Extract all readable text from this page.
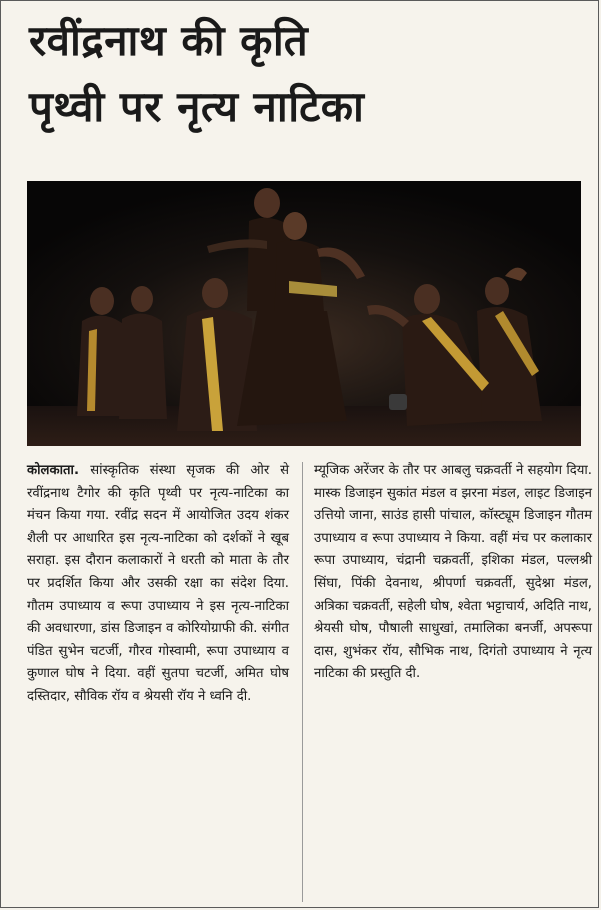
रवींद्रनाथ की कृति
पृथ्वी पर नृत्य नाटिका
कोलकाता. सांस्कृतिक संस्था सृजक की ओर से रवींद्रनाथ टैगोर की कृति पृथ्वी पर नृत्य-नाटिका का मंचन किया गया. रवींद्र सदन में आयोजित उदय शंकर शैली पर आधारित इस नृत्य-नाटिका को दर्शकों ने खूब सराहा. इस दौरान कलाकारों ने धरती को माता के तौर पर प्रदर्शित किया और उसकी रक्षा का संदेश दिया. गौतम उपाध्याय व रूपा उपाध्याय ने इस नृत्य-नाटिका की अवधारणा, डांस डिजाइन व कोरियोग्राफी की. संगीत पंडित सुभेन चटर्जी, गौरव गोस्वामी, रूपा उपाध्याय व कुणाल घोष ने दिया. वहीं सुतपा चटर्जी, अमित घोष दस्तिदार, सौविक रॉय व श्रेयसी रॉय ने ध्वनि दी.
म्यूजिक अरेंजर के तौर पर आबलु चक्रवर्ती ने सहयोग दिया. मास्क डिजाइन सुकांत मंडल व झरना मंडल, लाइट डिजाइन उत्तियो जाना, साउंड हासी पांचाल, कॉस्ट्यूम डिजाइन गौतम उपाध्याय व रूपा उपाध्याय ने किया. वहीं मंच पर कलाकार रूपा उपाध्याय, चंद्रानी चक्रवर्ती, इशिका मंडल, पल्लश्री सिंघा, पिंकी देवनाथ, श्रीपर्णा चक्रवर्ती, सुदेश्ना मंडल, अत्रिका चक्रवर्ती, सहेली घोष, श्वेता भट्टाचार्य, अदिति नाथ, श्रेयसी घोष, पौषाली साधुखां, तमालिका बनर्जी, अपरूपा दास, शुभंकर रॉय, सौभिक नाथ, दिगंतो उपाध्याय ने नृत्य नाटिका की प्रस्तुति दी.
